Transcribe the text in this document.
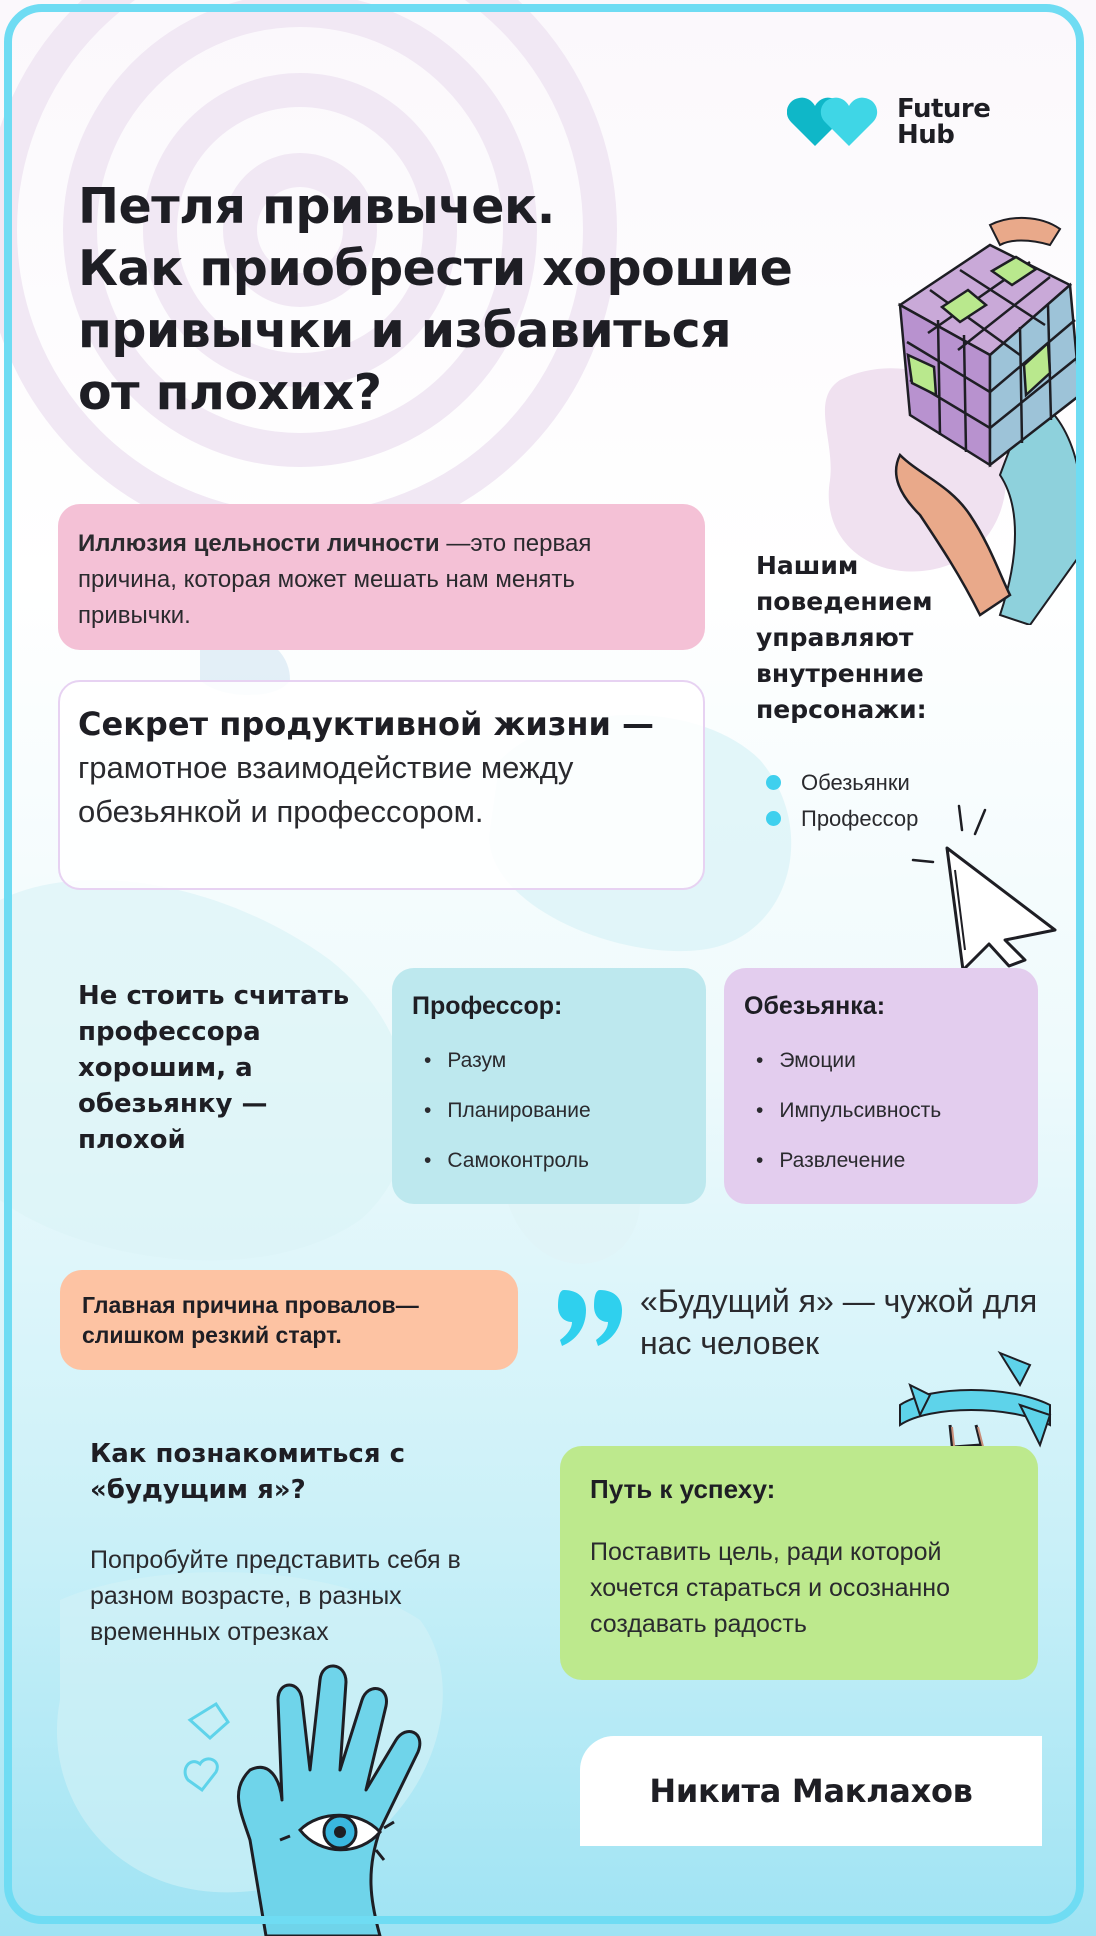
Future
Hub
Петля привычек.
Как приобрести хорошие
привычки и избавиться
от плохих?
Иллюзия цельности личности —это первая причина, которая может мешать нам менять привычки.
Секрет продуктивной жизни —
грамотное взаимодействие между обезьянкой и профессором.
Нашим поведением управляют внутренние персонажи:
Обезьянки
Профессор
Не стоить считать профессора хорошим, а обезьянку — плохой
Профессор:
• Разум
• Планирование
• Самоконтроль
Обезьянка:
• Эмоции
• Импульсивность
• Развлечение
Главная причина провалов— слишком резкий старт.
«Будущий я» — чужой для нас человек
Как познакомиться с «будущим я»?
Попробуйте представить себя в разном возрасте, в разных временных отрезках
Путь к успеху:
Поставить цель, ради которой хочется стараться и осознанно создавать радость
Никита Маклахов
